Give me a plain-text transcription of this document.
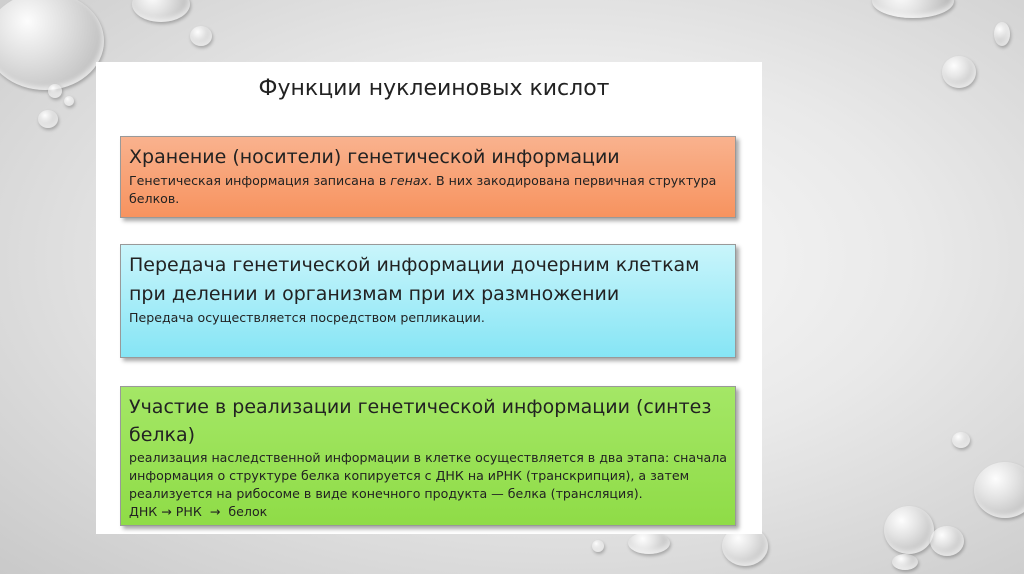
Функции нуклеиновых кислот
Хранение (носители) генетической информации
Генетическая информация записана в генах. В них закодирована первичная структура белков.
Передача генетической информации дочерним клеткам при делении и организмам при их размножении
Передача осуществляется посредством репликации.
Участие в реализации генетической информации (синтез белка)
реализация наследственной информации в клетке осуществляется в два этапа: сначала информация о структуре белка копируется с ДНК на иРНК (транскрипция), а затем реализуется на рибосоме в виде конечного продукта — белка (трансляция).
ДНК → РНК  →  белок
